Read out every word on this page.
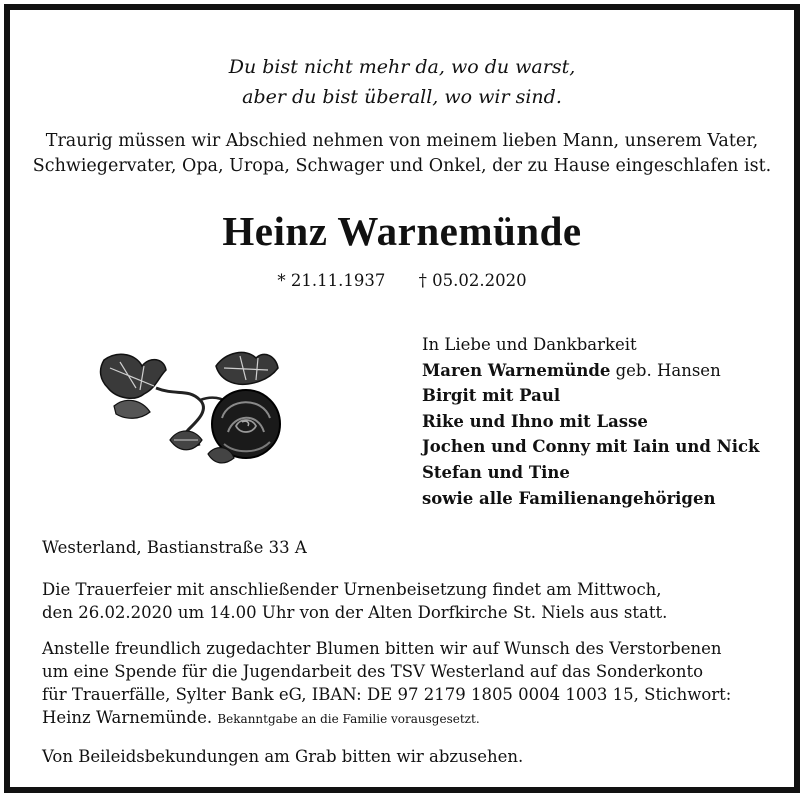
Du bist nicht mehr da, wo du warst,
aber du bist überall, wo wir sind.
Traurig müssen wir Abschied nehmen von meinem lieben Mann, unserem Vater,
Schwiegervater, Opa, Uropa, Schwager und Onkel, der zu Hause eingeschlafen ist.
Heinz Warnemünde
* 21.11.1937 † 05.02.2020
In Liebe und Dankbarkeit
Maren Warnemünde geb. Hansen
Birgit mit Paul
Rike und Ihno mit Lasse
Jochen und Conny mit Iain und Nick
Stefan und Tine
sowie alle Familienangehörigen
Westerland, Bastianstraße 33 A
Die Trauerfeier mit anschließender Urnenbeisetzung findet am Mittwoch,
den 26.02.2020 um 14.00 Uhr von der Alten Dorfkirche St. Niels aus statt.
Anstelle freundlich zugedachter Blumen bitten wir auf Wunsch des Verstorbenen
um eine Spende für die Jugendarbeit des TSV Westerland auf das Sonderkonto
für Trauerfälle, Sylter Bank eG, IBAN: DE 97 2179 1805 0004 1003 15, Stichwort:
Heinz Warnemünde. Bekanntgabe an die Familie vorausgesetzt.
Von Beileidsbekundungen am Grab bitten wir abzusehen.
